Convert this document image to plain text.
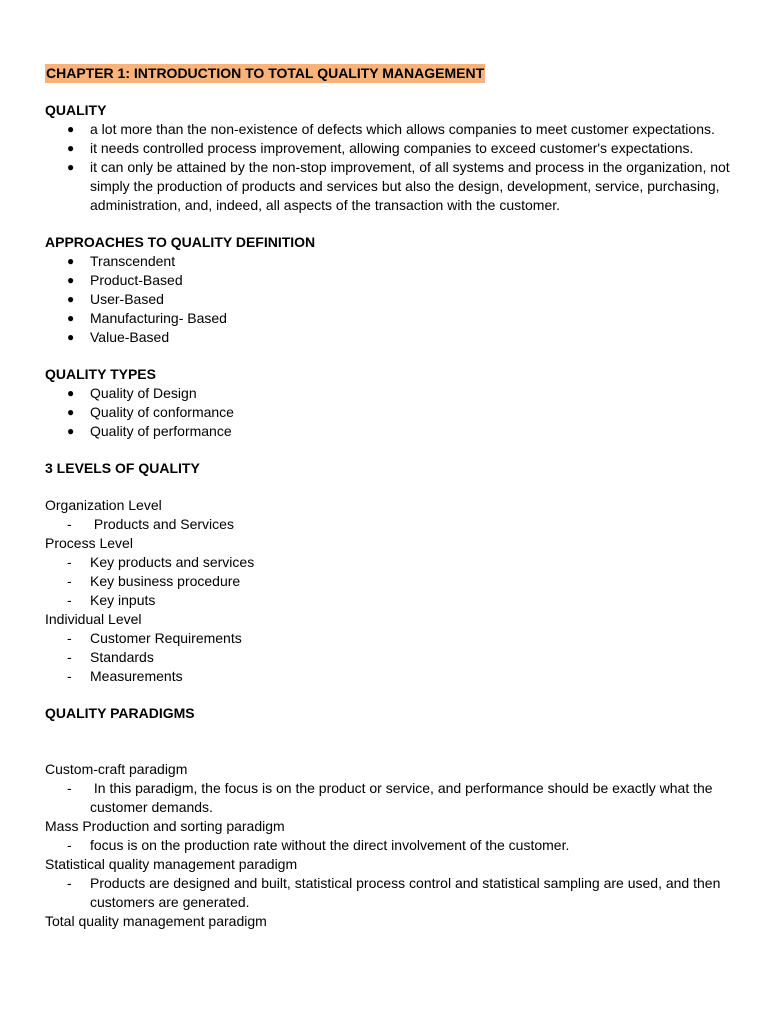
CHAPTER 1: INTRODUCTION TO TOTAL QUALITY MANAGEMENT

QUALITY

● a lot more than the non-existence of defects which allows companies to meet customer expectations.
● it needs controlled process improvement, allowing companies to exceed customer's expectations.
● it can only be attained by the non-stop improvement, of all systems and process in the organization, not simply the production of products and services but also the design, development, service, purchasing, administration, and, indeed, all aspects of the transaction with the customer.

APPROACHES TO QUALITY DEFINITION

● Transcendent
● Product-Based
● User-Based
● Manufacturing- Based
● Value-Based

QUALITY TYPES

● Quality of Design
● Quality of conformance
● Quality of performance

3 LEVELS OF QUALITY

Organization Level

- Products and Services

Process Level

- Key products and services
- Key business procedure
- Key inputs

Individual Level

- Customer Requirements
- Standards
- Measurements

QUALITY PARADIGMS

Custom-craft paradigm

- In this paradigm, the focus is on the product or service, and performance should be exactly what the customer demands.

Mass Production and sorting paradigm

- focus is on the production rate without the direct involvement of the customer.

Statistical quality management paradigm

- Products are designed and built, statistical process control and statistical sampling are used, and then customers are generated.

Total quality management paradigm
